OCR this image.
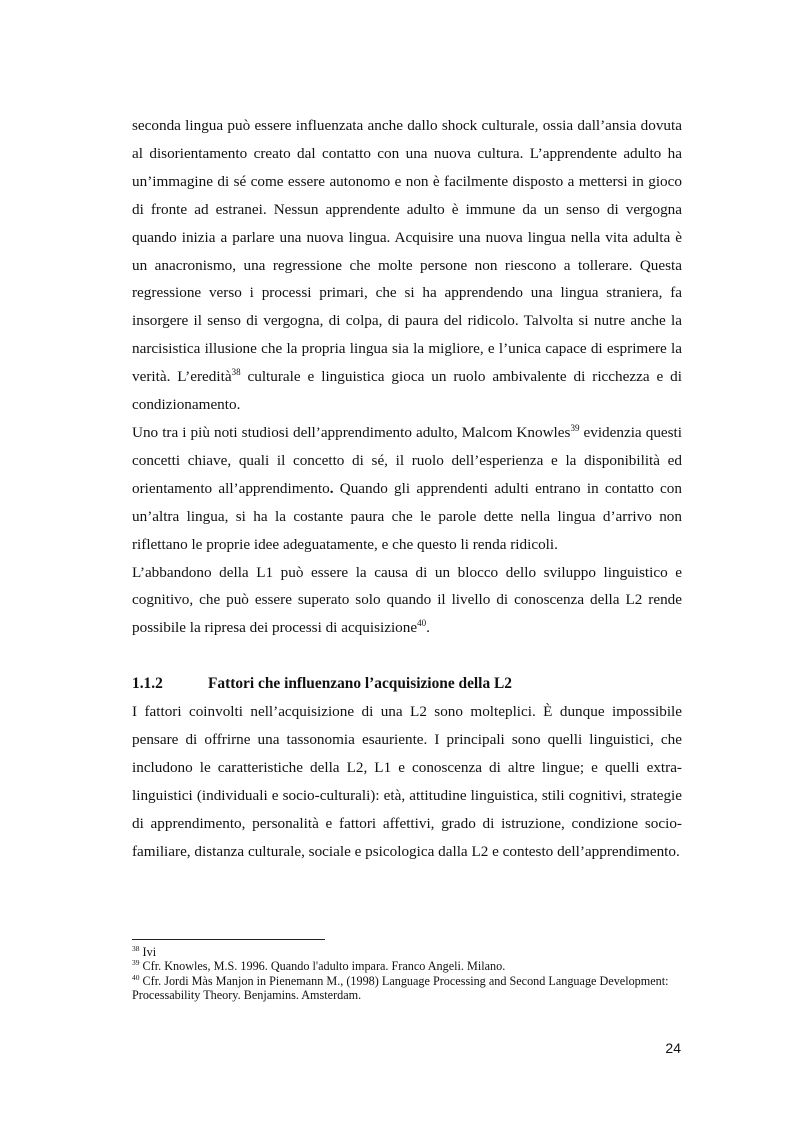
seconda lingua può essere influenzata anche dallo shock culturale, ossia dall’ansia dovuta al disorientamento creato dal contatto con una nuova cultura. L’apprendente adulto ha un’immagine di sé come essere autonomo e non è facilmente disposto a mettersi in gioco di fronte ad estranei. Nessun apprendente adulto è immune da un senso di vergogna quando inizia a parlare una nuova lingua. Acquisire una nuova lingua nella vita adulta è un anacronismo, una regressione che molte persone non riescono a tollerare. Questa regressione verso i processi primari, che si ha apprendendo una lingua straniera, fa insorgere il senso di vergogna, di colpa, di paura del ridicolo. Talvolta si nutre anche la narcisistica illusione che la propria lingua sia la migliore, e l’unica capace di esprimere la verità. L’eredità$^{38}$ culturale e linguistica gioca un ruolo ambivalente di ricchezza e di condizionamento.

Uno tra i più noti studiosi dell’apprendimento adulto, Malcom Knowles$^{39}$ evidenzia questi concetti chiave, quali il concetto di sé, il ruolo dell’esperienza e la disponibilità ed orientamento all’apprendimento. Quando gli apprendenti adulti entrano in contatto con un’altra lingua, si ha la costante paura che le parole dette nella lingua d’arrivo non riflettano le proprie idee adeguatamente, e che questo li renda ridicoli.

L’abbandono della L1 può essere la causa di un blocco dello sviluppo linguistico e cognitivo, che può essere superato solo quando il livello di conoscenza della L2 rende possibile la ripresa dei processi di acquisizione$^{40}$.

1.1.2	Fattori che influenzano l’acquisizione della L2

I fattori coinvolti nell’acquisizione di una L2 sono molteplici. È dunque impossibile pensare di offrirne una tassonomia esauriente. I principali sono quelli linguistici, che includono le caratteristiche della L2, L1 e conoscenza di altre lingue; e quelli extra-linguistici (individuali e socio-culturali): età, attitudine linguistica, stili cognitivi, strategie di apprendimento, personalità e fattori affettivi, grado di istruzione, condizione socio-familiare, distanza culturale, sociale e psicologica dalla L2 e contesto dell’apprendimento.

$^{38}$ Ivi

$^{39}$ Cfr. Knowles, M.S. 1996. Quando l'adulto impara. Franco Angeli. Milano.

$^{40}$ Cfr. Jordi Màs Manjon in Pienemann M., (1998) Language Processing and Second Language Development: Processability Theory. Benjamins. Amsterdam.

24
